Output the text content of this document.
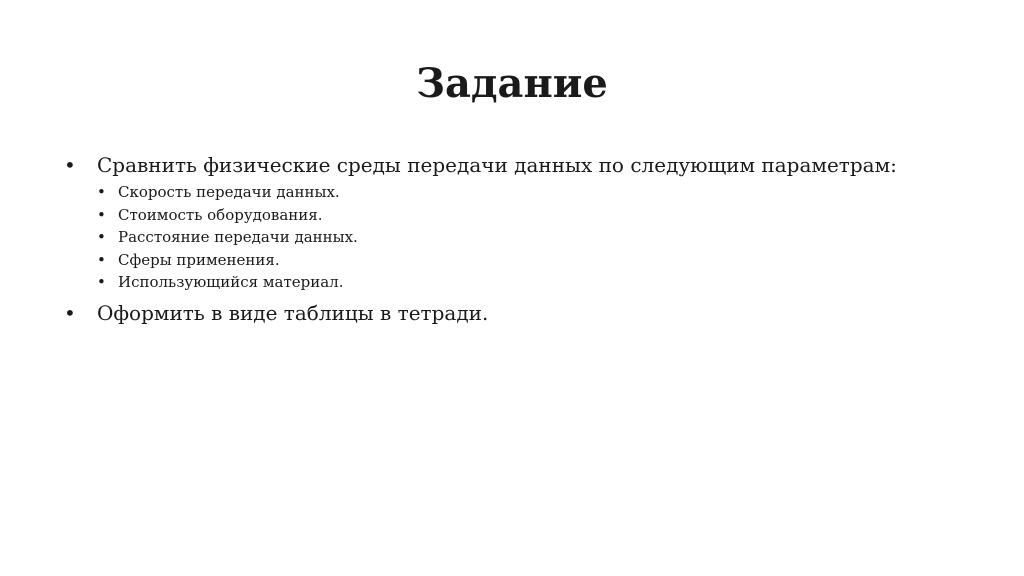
Задание
•	Сравнить физические среды передачи данных по следующим параметрам:
• Скорость передачи данных.
• Стоимость оборудования.
• Расстояние передачи данных.
• Сферы применения.
• Использующийся материал.
•	Оформить в виде таблицы в тетради.
